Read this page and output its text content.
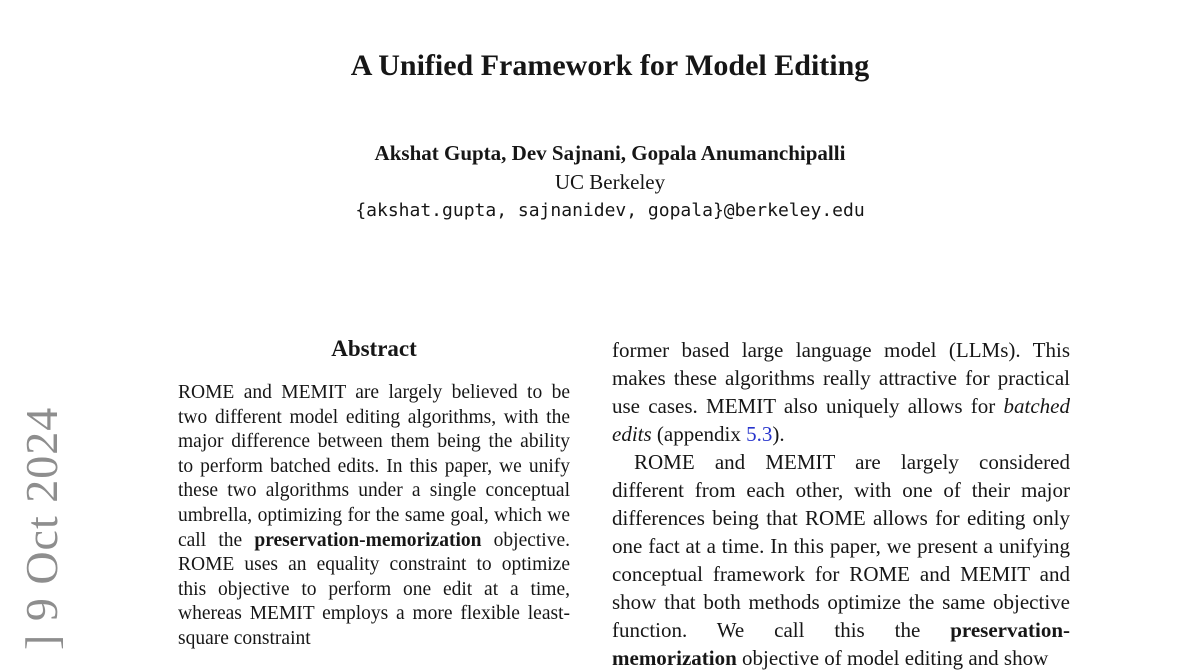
] 9 Oct 2024
A Unified Framework for Model Editing
Akshat Gupta, Dev Sajnani, Gopala Anumanchipalli
UC Berkeley
{akshat.gupta, sajnanidev, gopala}@berkeley.edu
Abstract

ROME and MEMIT are largely believed to be two different model editing algorithms, with the major difference between them being the ability to perform batched edits. In this paper, we unify these two algorithms under a single conceptual umbrella, optimizing for the same goal, which we call the preservation-memorization objective. ROME uses an equality constraint to optimize this objective to perform one edit at a time, whereas MEMIT employs a more flexible least-square constraint

former based large language model (LLMs). This makes these algorithms really attractive for practical use cases. MEMIT also uniquely allows for batched edits (appendix 5.3).

ROME and MEMIT are largely considered different from each other, with one of their major differences being that ROME allows for editing only one fact at a time. In this paper, we present a unifying conceptual framework for ROME and MEMIT and show that both methods optimize the same objective function. We call this the preservation-memorization objective of model editing and show
